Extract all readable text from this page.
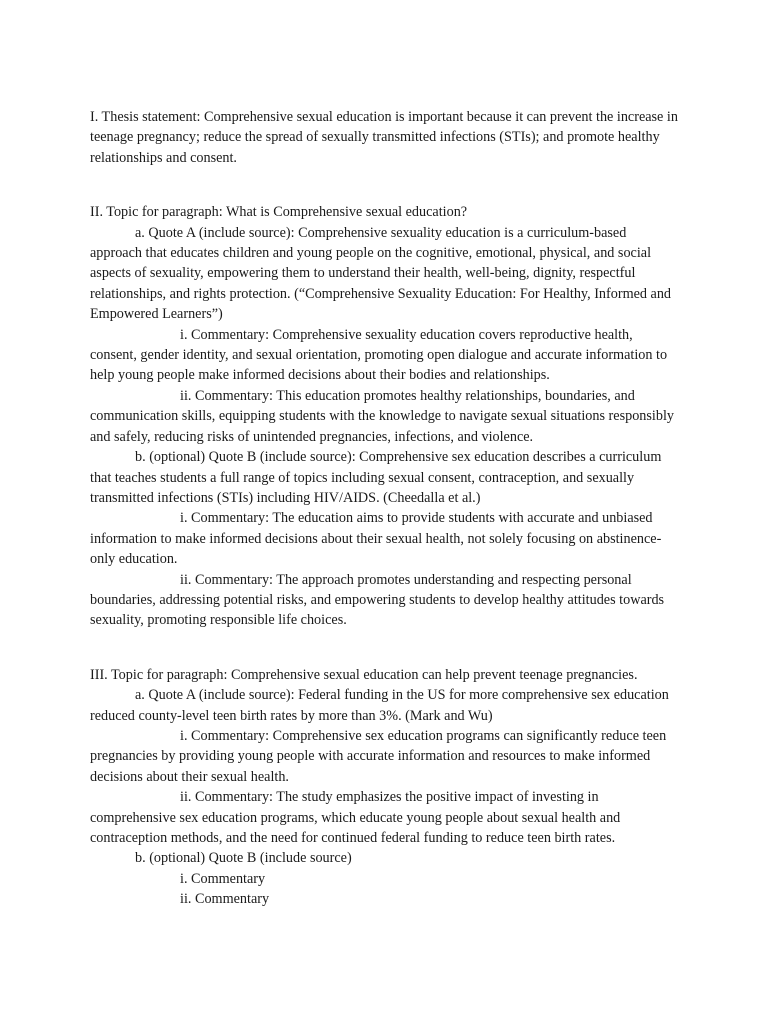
I. Thesis statement: Comprehensive sexual education is important because it can prevent the increase in teenage pregnancy; reduce the spread of sexually transmitted infections (STIs); and promote healthy relationships and consent.

II. Topic for paragraph: What is Comprehensive sexual education?

a. Quote A (include source): Comprehensive sexuality education is a curriculum-based approach that educates children and young people on the cognitive, emotional, physical, and social aspects of sexuality, empowering them to understand their health, well-being, dignity, respectful relationships, and rights protection. (“Comprehensive Sexuality Education: For Healthy, Informed and Empowered Learners”)

i. Commentary: Comprehensive sexuality education covers reproductive health, consent, gender identity, and sexual orientation, promoting open dialogue and accurate information to help young people make informed decisions about their bodies and relationships.

ii. Commentary: This education promotes healthy relationships, boundaries, and communication skills, equipping students with the knowledge to navigate sexual situations responsibly and safely, reducing risks of unintended pregnancies, infections, and violence.

b. (optional) Quote B (include source): Comprehensive sex education describes a curriculum that teaches students a full range of topics including sexual consent, contraception, and sexually transmitted infections (STIs) including HIV/AIDS. (Cheedalla et al.)

i. Commentary: The education aims to provide students with accurate and unbiased information to make informed decisions about their sexual health, not solely focusing on abstinence-only education.

ii. Commentary: The approach promotes understanding and respecting personal boundaries, addressing potential risks, and empowering students to develop healthy attitudes towards sexuality, promoting responsible life choices.

III. Topic for paragraph: Comprehensive sexual education can help prevent teenage pregnancies.

a. Quote A (include source): Federal funding in the US for more comprehensive sex education reduced county-level teen birth rates by more than 3%. (Mark and Wu)

i. Commentary: Comprehensive sex education programs can significantly reduce teen pregnancies by providing young people with accurate information and resources to make informed decisions about their sexual health.

ii. Commentary: The study emphasizes the positive impact of investing in comprehensive sex education programs, which educate young people about sexual health and contraception methods, and the need for continued federal funding to reduce teen birth rates.

b. (optional) Quote B (include source)

i. Commentary

ii. Commentary
